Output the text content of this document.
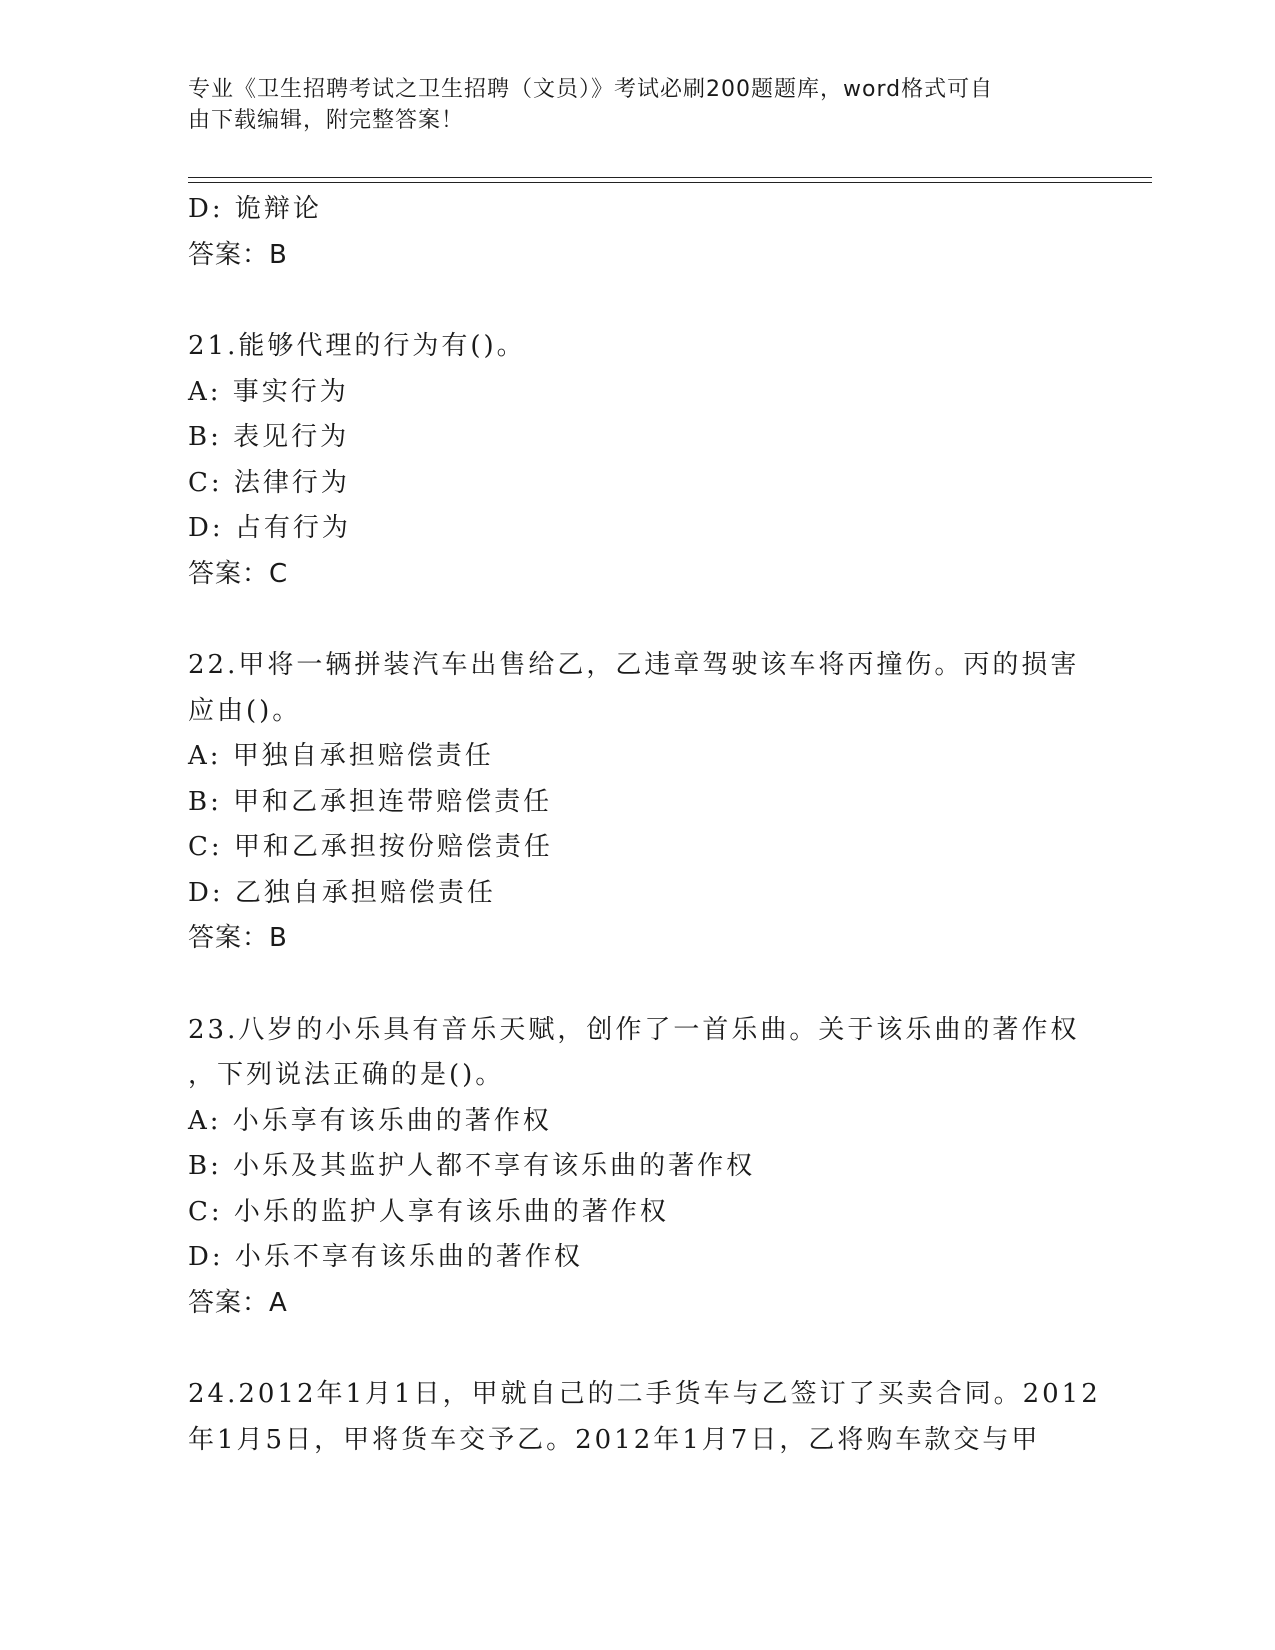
专业《卫生招聘考试之卫生招聘（文员）》考试必刷200题题库，word格式可自
由下载编辑，附完整答案！
D: 诡辩论
答案：B
21.能够代理的行为有()。
A: 事实行为
B: 表见行为
C: 法律行为
D: 占有行为
答案：C
22.甲将一辆拼装汽车出售给乙，乙违章驾驶该车将丙撞伤。丙的损害
应由()。
A: 甲独自承担赔偿责任
B: 甲和乙承担连带赔偿责任
C: 甲和乙承担按份赔偿责任
D: 乙独自承担赔偿责任
答案：B
23.八岁的小乐具有音乐天赋，创作了一首乐曲。关于该乐曲的著作权
，下列说法正确的是()。
A: 小乐享有该乐曲的著作权
B: 小乐及其监护人都不享有该乐曲的著作权
C: 小乐的监护人享有该乐曲的著作权
D: 小乐不享有该乐曲的著作权
答案：A
24.2012年1月1日，甲就自己的二手货车与乙签订了买卖合同。2012
年1月5日，甲将货车交予乙。2012年1月7日，乙将购车款交与甲
